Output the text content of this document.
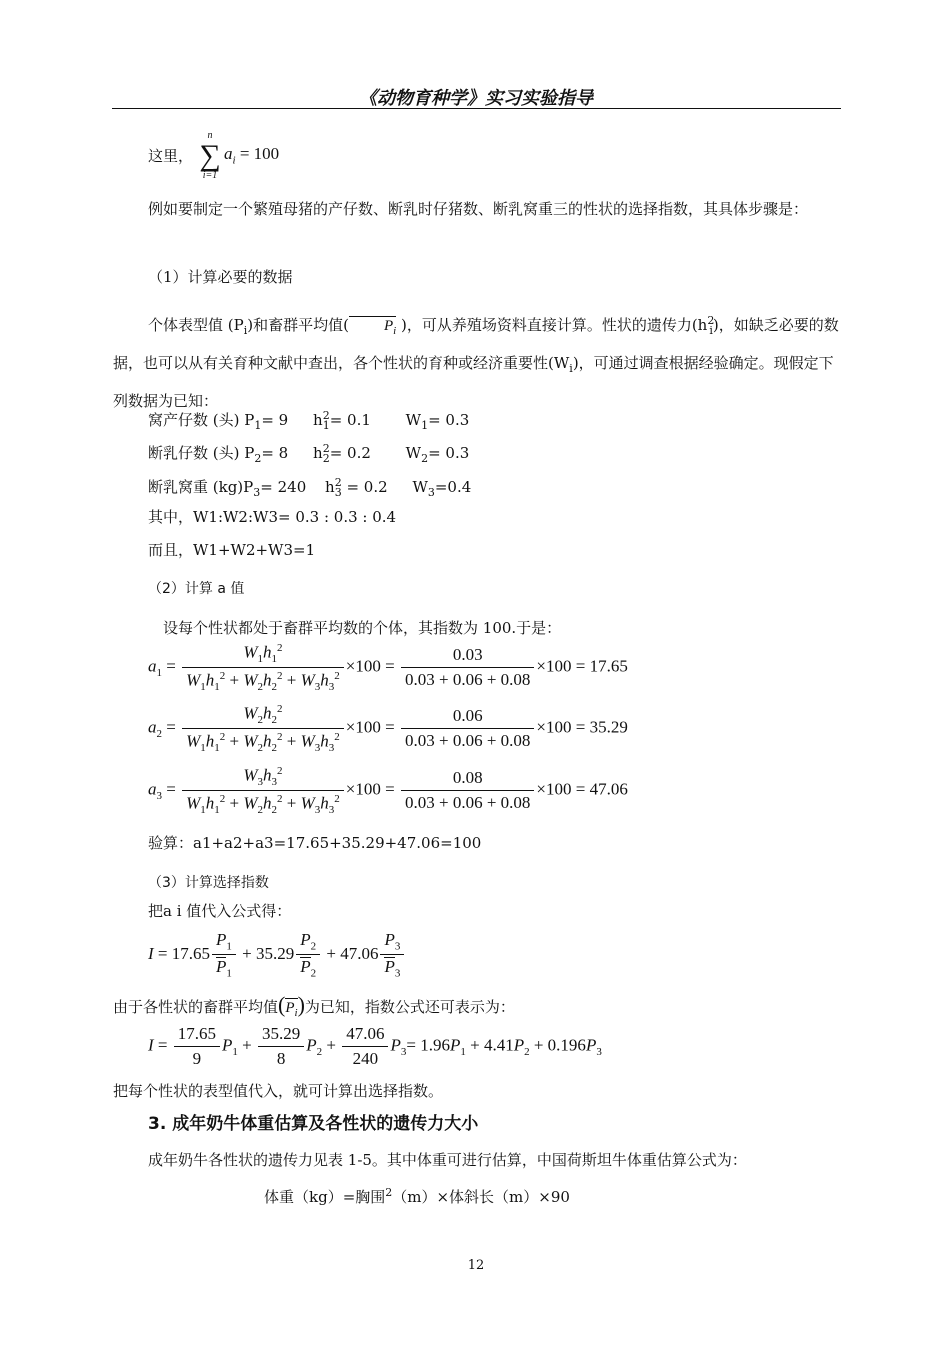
《动物育种学》实习实验指导
这里，
n
∑
i=1
$a_i = 100$
例如要制定一个繁殖母猪的产仔数、断乳时仔猪数、断乳窝重三的性状的选择指数，其具体步骤是：
（1）计算必要的数据
个体表型值 $(P_i)$和畜群平均值( $P_i$ )，可从养殖场资料直接计算。性状的遗传力$(h^2_i)$，如缺乏必要的数据，也可以从有关育种文献中查出，各个性状的育种或经济重要性$(W_i)$，可通过调查根据经验确定。现假定下列数据为已知：
窝产仔数 (头) $P_1= 9$ $h_1^2= 0.1$ $W_1= 0.3$
断乳仔数 (头) $P_2= 8$ $h_2^2= 0.2$ $W_2= 0.3$
断乳窝重 $(kg)P_3= 240$ $h_3^2 = 0.2$ $W_3=0.4$
其中，W1:W2:W3= 0.3 : 0.3 : 0.4
而且，W1+W2+W3=1
（2）计算 a 值
设每个性状都处于畜群平均数的个体，其指数为 100.于是：
$a_1 = \frac{W_1h_1^2}{W_1h_1^2 + W_2h_2^2 + W_3h_3^2} \times 100 = \frac{0.03}{0.03 + 0.06 + 0.08} \times 100 = 17.65$
$a_2 = \frac{W_2h_2^2}{W_1h_1^2 + W_2h_2^2 + W_3h_3^2} \times 100 = \frac{0.06}{0.03 + 0.06 + 0.08} \times 100 = 35.29$
$a_3 = \frac{W_3h_3^2}{W_1h_1^2 + W_2h_2^2 + W_3h_3^2} \times 100 = \frac{0.08}{0.03 + 0.06 + 0.08} \times 100 = 47.06$
验算：a1+a2+a3=17.65+35.29+47.06=100
（3）计算选择指数
把a i 值代入公式得：
$I = 17.65 \frac{P_1}{P_1} + 35.29 \frac{P_2}{P_2} + 47.06 \frac{P_3}{P_3}$
由于各性状的畜群平均值$(P_i)$为已知，指数公式还可表示为：
$I = \frac{17.65}{9} P_1 + \frac{35.29}{8} P_2 + \frac{47.06}{240} P_3= 1.96P_1 + 4.41P_2 + 0.196P_3$
把每个性状的表型值代入，就可计算出选择指数。
3. 成年奶牛体重估算及各性状的遗传力大小
成年奶牛各性状的遗传力见表 1-5。其中体重可进行估算，中国荷斯坦牛体重估算公式为：
体重（kg）=胸围$^2$（m）×体斜长（m）×90
12
